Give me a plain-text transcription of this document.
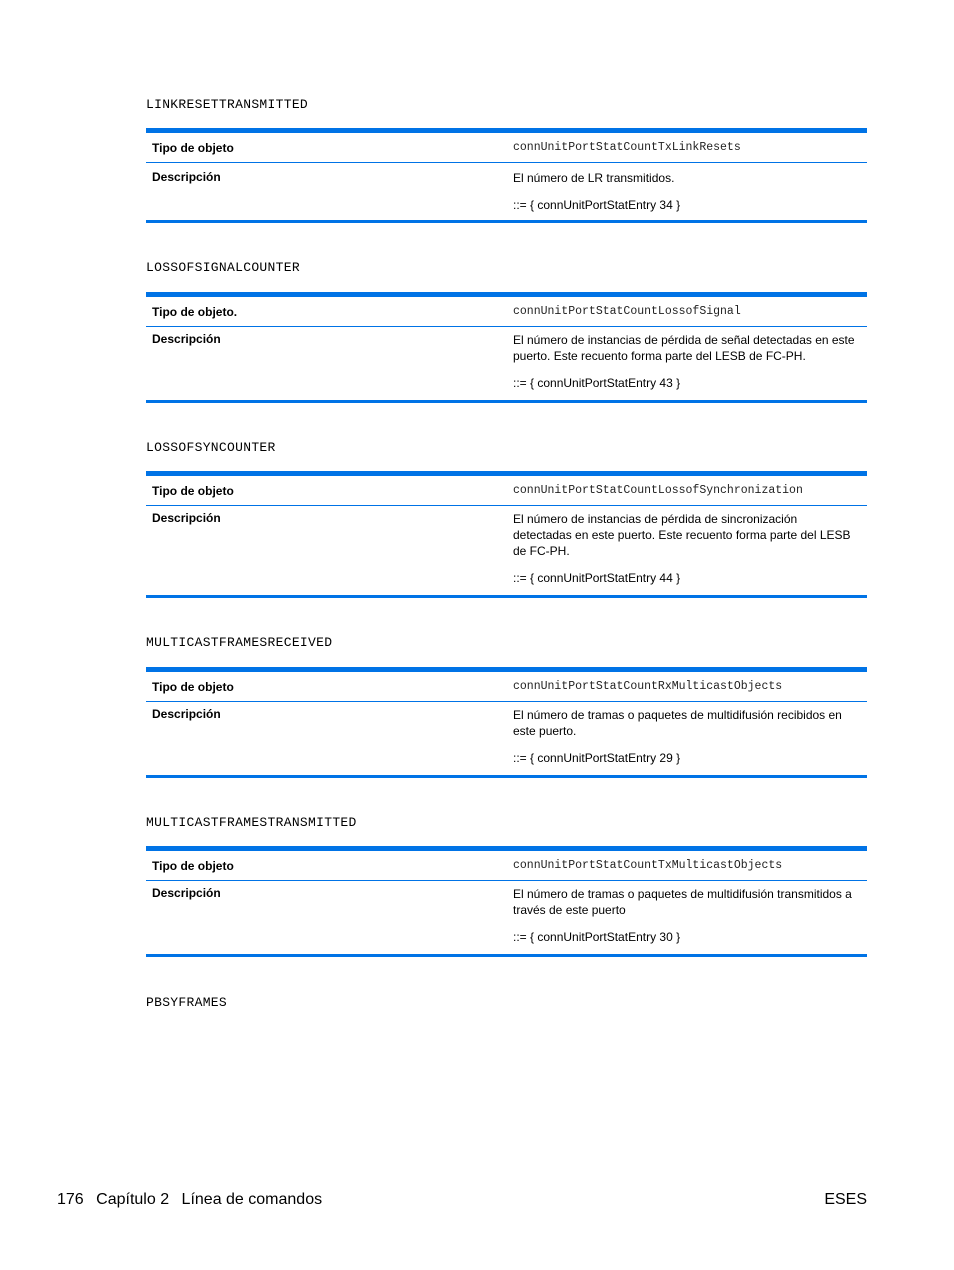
LINKRESETTRANSMITTED
Tipo de objeto	connUnitPortStatCountTxLinkResets
Descripción	El número de LR transmitidos.
::= { connUnitPortStatEntry 34 }
LOSSOFSIGNALCOUNTER
Tipo de objeto.	connUnitPortStatCountLossofSignal
Descripción	El número de instancias de pérdida de señal detectadas en este puerto. Este recuento forma parte del LESB de FC-PH.
::= { connUnitPortStatEntry 43 }
LOSSOFSYNCOUNTER
Tipo de objeto	connUnitPortStatCountLossofSynchronization
Descripción	El número de instancias de pérdida de sincronización detectadas en este puerto. Este recuento forma parte del LESB de FC-PH.
::= { connUnitPortStatEntry 44 }
MULTICASTFRAMESRECEIVED
Tipo de objeto	connUnitPortStatCountRxMulticastObjects
Descripción	El número de tramas o paquetes de multidifusión recibidos en este puerto.
::= { connUnitPortStatEntry 29 }
MULTICASTFRAMESTRANSMITTED
Tipo de objeto	connUnitPortStatCountTxMulticastObjects
Descripción	El número de tramas o paquetes de multidifusión transmitidos a través de este puerto
::= { connUnitPortStatEntry 30 }
PBSYFRAMES
176 Capítulo 2 Línea de comandos	ESES
